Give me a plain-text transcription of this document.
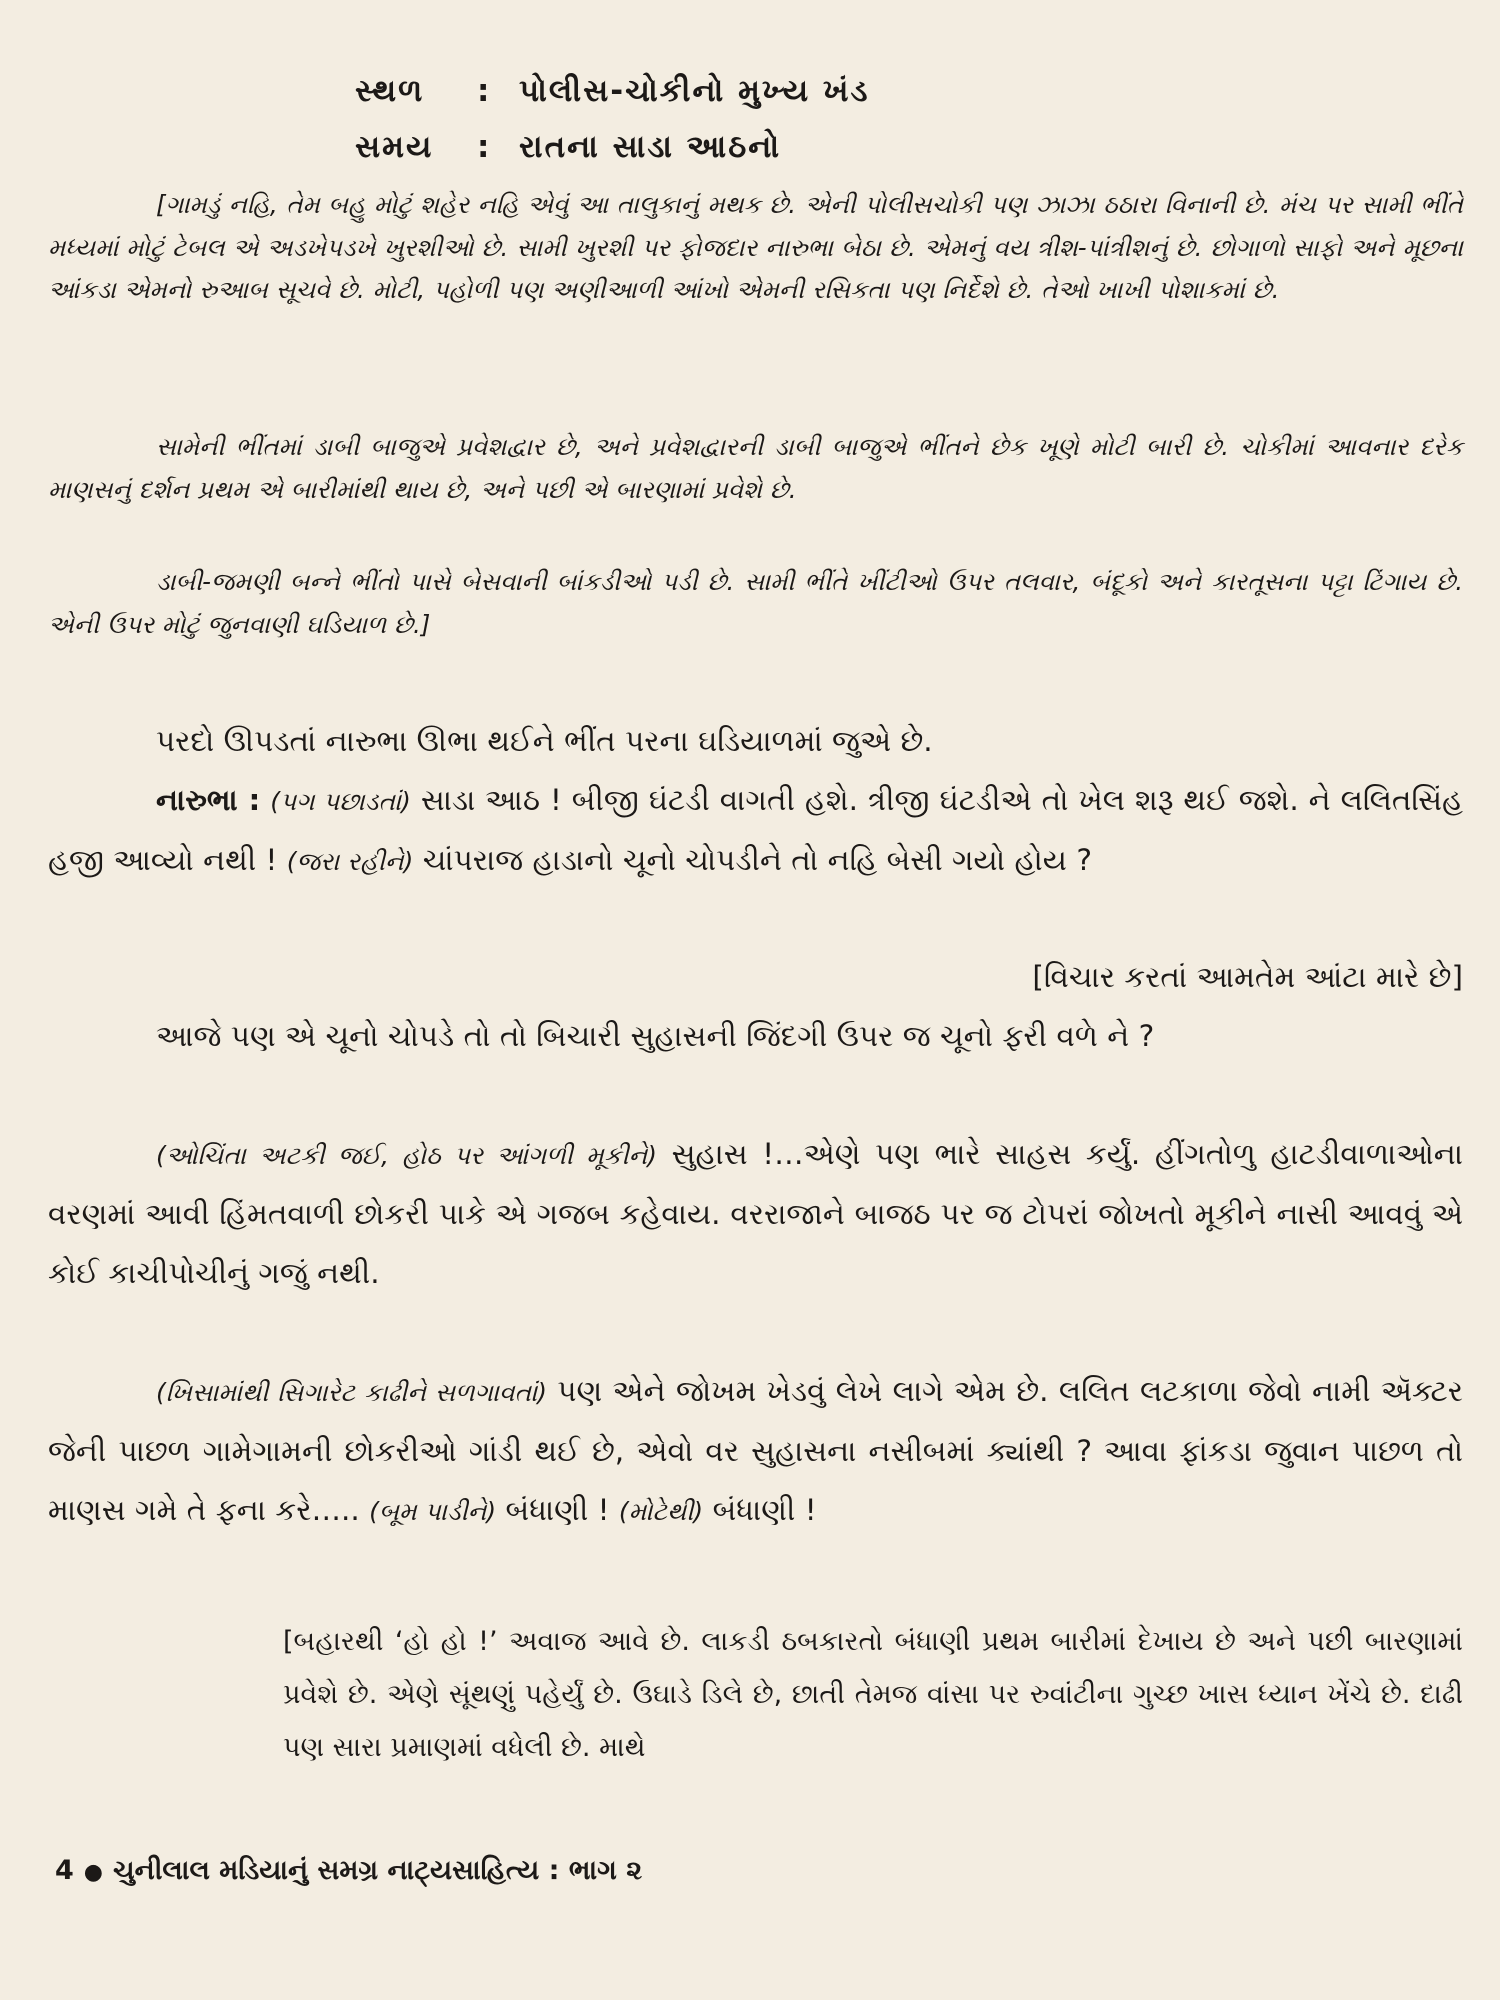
સ્થળ : પોલીસ-ચોકીનો મુખ્ય ખંડ
સમય : રાતના સાડા આઠનો

[ગામડું નહિ, તેમ બહુ મોટું શહેર નહિ એવું આ તાલુકાનું મથક છે. એની પોલીસચોકી પણ ઝાઝા ઠઠારા વિનાની છે. મંચ પર સામી ભીંતે મધ્યમાં મોટું ટેબલ એ અડખેપડખે ખુરશીઓ છે. સામી ખુરશી પર ફોજદાર નારુભા બેઠા છે. એમનું વય ત્રીશ-પાંત્રીશનું છે. છોગાળો સાફો અને મૂછના આંકડા એમનો રુઆબ સૂચવે છે. મોટી, પહોળી પણ અણીઆળી આંખો એમની રસિકતા પણ નિર્દેશે છે. તેઓ ખાખી પોશાકમાં છે.

સામેની ભીંતમાં ડાબી બાજુએ પ્રવેશદ્વાર છે, અને પ્રવેશદ્વારની ડાબી બાજુએ ભીંતને છેક ખૂણે મોટી બારી છે. ચોકીમાં આવનાર દરેક માણસનું દર્શન પ્રથમ એ બારીમાંથી થાય છે, અને પછી એ બારણામાં પ્રવેશે છે.

ડાબી-જમણી બન્ને ભીંતો પાસે બેસવાની બાંકડીઓ પડી છે. સામી ભીંતે ખીંટીઓ ઉપર તલવાર, બંદૂકો અને કારતૂસના પટ્ટા ટિંગાય છે. એની ઉપર મોટું જુનવાણી ઘડિયાળ છે.]

પરદો ઊપડતાં નારુભા ઊભા થઈને ભીંત પરના ઘડિયાળમાં જુએ છે.

નારુભા : (પગ પછાડતાં) સાડા આઠ ! બીજી ઘંટડી વાગતી હશે. ત્રીજી ઘંટડીએ તો ખેલ શરૂ થઈ જશે. ને લલિતસિંહ હજી આવ્યો નથી ! (જરા રહીને) ચાંપરાજ હાડાનો ચૂનો ચોપડીને તો નહિ બેસી ગયો હોય ?

[વિચાર કરતાં આમતેમ આંટા મારે છે]

આજે પણ એ ચૂનો ચોપડે તો તો બિચારી સુહાસની જિંદગી ઉપર જ ચૂનો ફરી વળે ને ?

(ઓચિંતા અટકી જઈ, હોઠ પર આંગળી મૂકીને) સુહાસ !…એણે પણ ભારે સાહસ કર્યું. હીંગતોળુ હાટડીવાળાઓના વરણમાં આવી હિંમતવાળી છોકરી પાકે એ ગજબ કહેવાય. વરરાજાને બાજઠ પર જ ટોપરાં જોખતો મૂકીને નાસી આવવું એ કોઈ કાચીપોચીનું ગજું નથી.

(ખિસામાંથી સિગારેટ કાઢીને સળગાવતાં) પણ એને જોખમ ખેડવું લેખે લાગે એમ છે. લલિત લટકાળા જેવો નામી ઍક્ટર જેની પાછળ ગામેગામની છોકરીઓ ગાંડી થઈ છે, એવો વર સુહાસના નસીબમાં ક્યાંથી ? આવા ફાંકડા જુવાન પાછળ તો માણસ ગમે તે ફના કરે….. (બૂમ પાડીને) બંધાણી ! (મોટેથી) બંધાણી !

[બહારથી ‘હો હો !’ અવાજ આવે છે. લાકડી ઠબકારતો બંધાણી પ્રથમ બારીમાં દેખાય છે અને પછી બારણામાં પ્રવેશે છે. એણે સૂંથણું પહેર્યું છે. ઉઘાડે ડિલે છે, છાતી તેમજ વાંસા પર રુવાંટીના ગુચ્છ ખાસ ધ્યાન ખેંચે છે. દાઢી પણ સારા પ્રમાણમાં વધેલી છે. માથે

4 ● ચુનીલાલ મડિયાનું સમગ્ર નાટ્યસાહિત્ય : ભાગ ૨
